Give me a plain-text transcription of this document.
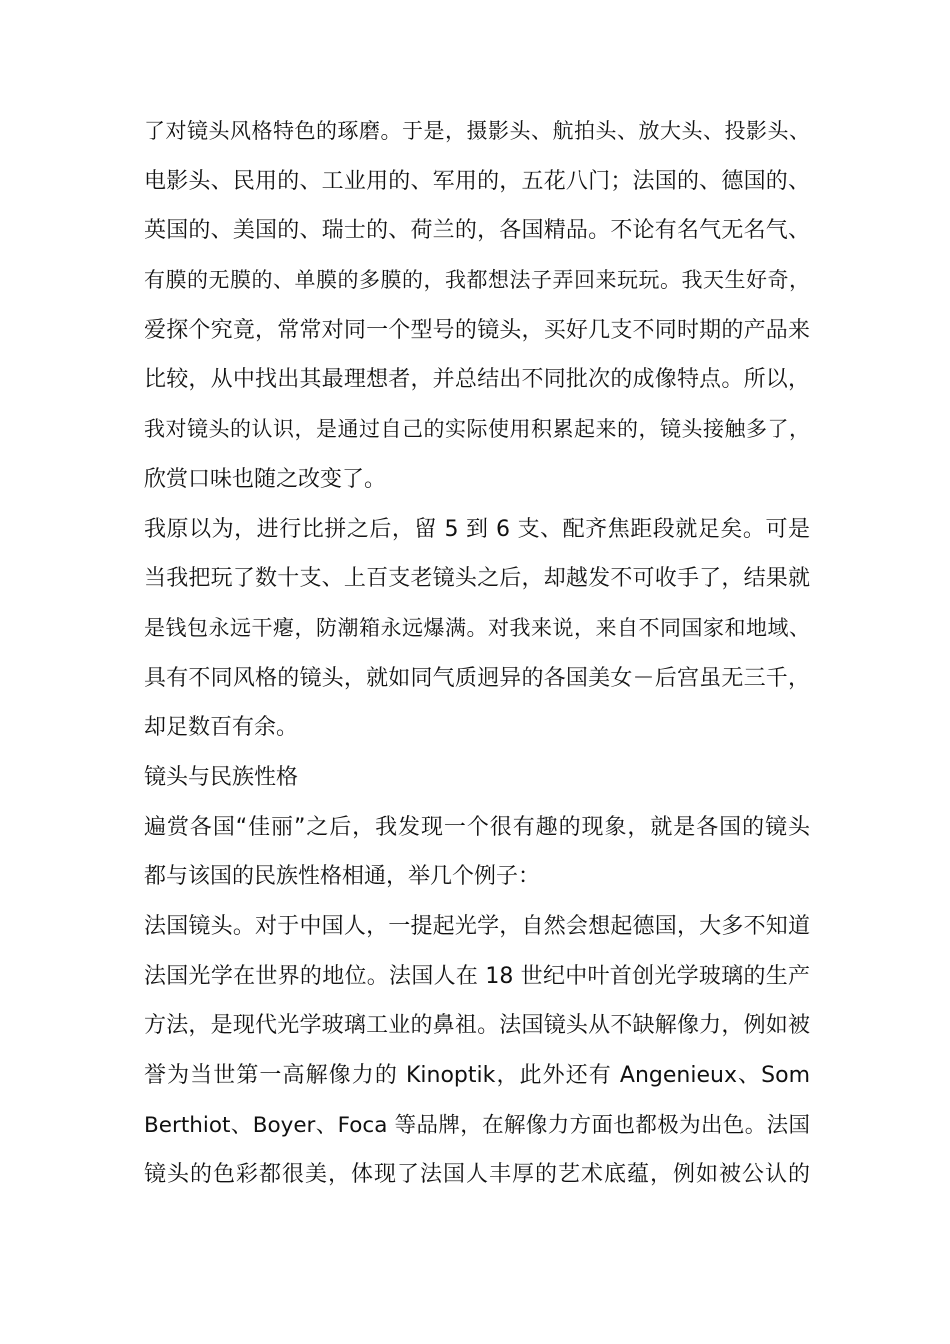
了对镜头风格特色的琢磨。于是，摄影头、航拍头、放大头、投影头、
电影头、民用的、工业用的、军用的，五花八门；法国的、德国的、
英国的、美国的、瑞士的、荷兰的，各国精品。不论有名气无名气、
有膜的无膜的、单膜的多膜的，我都想法子弄回来玩玩。我天生好奇，
爱探个究竟，常常对同一个型号的镜头，买好几支不同时期的产品来
比较，从中找出其最理想者，并总结出不同批次的成像特点。所以，
我对镜头的认识，是通过自己的实际使用积累起来的，镜头接触多了，
欣赏口味也随之改变了。
我原以为，进行比拼之后，留 5 到 6 支、配齐焦距段就足矣。可是
当我把玩了数十支、上百支老镜头之后，却越发不可收手了，结果就
是钱包永远干瘪，防潮箱永远爆满。对我来说，来自不同国家和地域、
具有不同风格的镜头，就如同气质迥异的各国美女－后宫虽无三千，
却足数百有余。
镜头与民族性格
遍赏各国“佳丽”之后，我发现一个很有趣的现象，就是各国的镜头
都与该国的民族性格相通，举几个例子：
法国镜头。对于中国人，一提起光学，自然会想起德国，大多不知道
法国光学在世界的地位。法国人在 18 世纪中叶首创光学玻璃的生产
方法，是现代光学玻璃工业的鼻祖。法国镜头从不缺解像力，例如被
誉为当世第一高解像力的 Kinoptik，此外还有 Angenieux、Som
Berthiot、Boyer、Foca 等品牌，在解像力方面也都极为出色。法国
镜头的色彩都很美，体现了法国人丰厚的艺术底蕴，例如被公认的
